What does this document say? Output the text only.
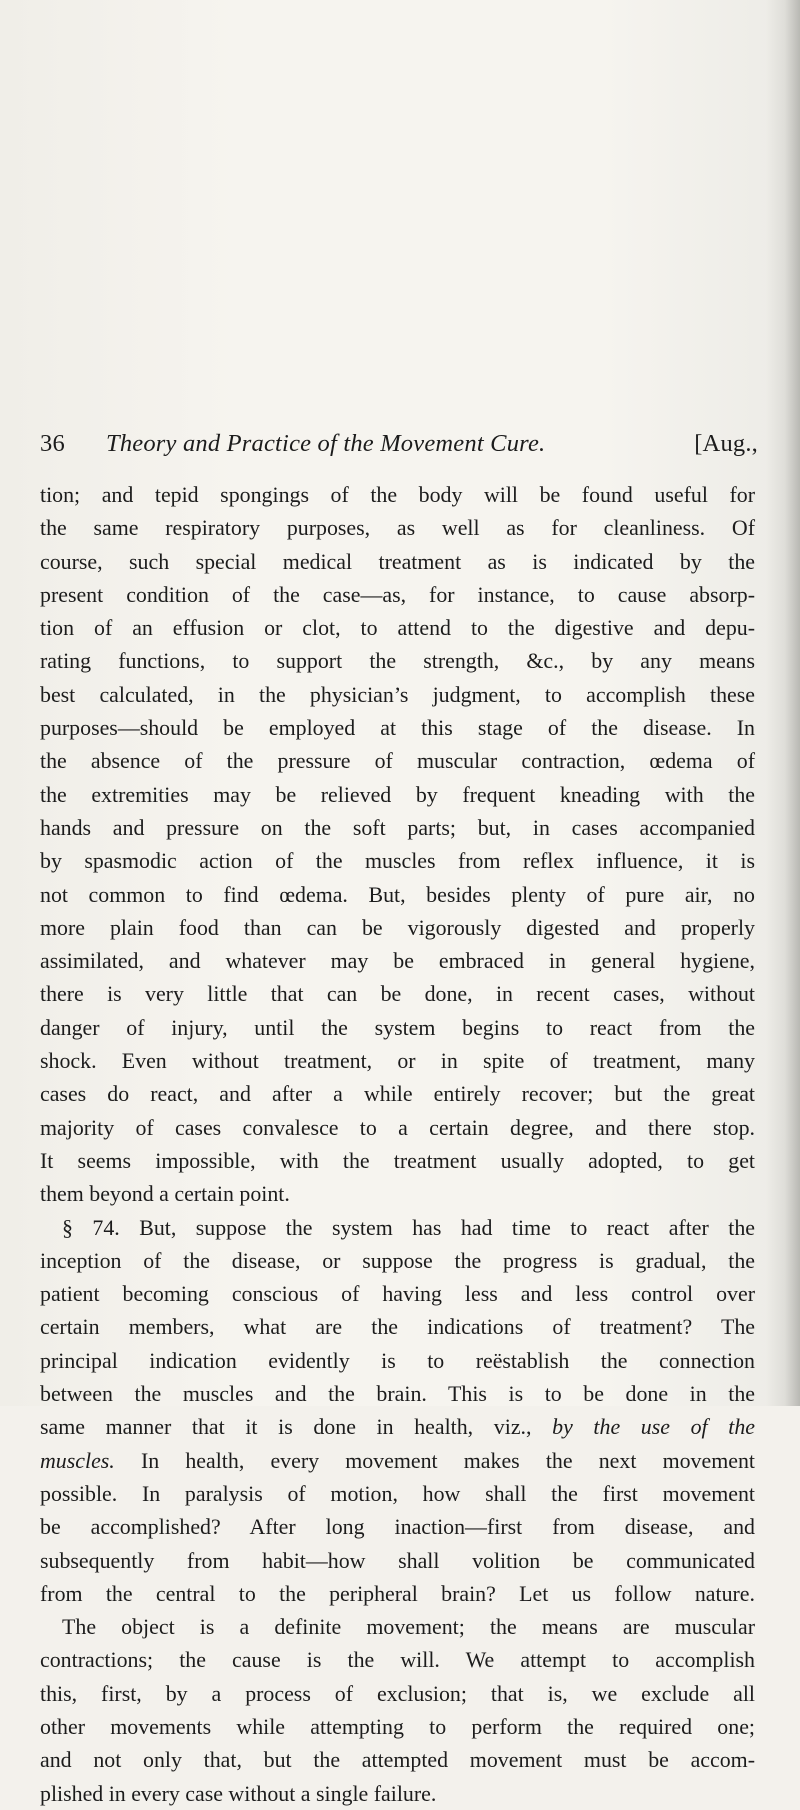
36 Theory and Practice of the Movement Cure.	[Aug.,
tion; and tepid spongings of the body will be found useful for
the same respiratory purposes, as well as for cleanliness. Of
course, such special medical treatment as is indicated by the
present condition of the case—as, for instance, to cause absorp-
tion of an effusion or clot, to attend to the digestive and depu-
rating functions, to support the strength, &c., by any means
best calculated, in the physician’s judgment, to accomplish these
purposes—should be employed at this stage of the disease. In
the absence of the pressure of muscular contraction, œdema of
the extremities may be relieved by frequent kneading with the
hands and pressure on the soft parts; but, in cases accompanied
by spasmodic action of the muscles from reflex influence, it is
not common to find œdema. But, besides plenty of pure air, no
more plain food than can be vigorously digested and properly
assimilated, and whatever may be embraced in general hygiene,
there is very little that can be done, in recent cases, without
danger of injury, until the system begins to react from the
shock. Even without treatment, or in spite of treatment, many
cases do react, and after a while entirely recover; but the great
majority of cases convalesce to a certain degree, and there stop.
It seems impossible, with the treatment usually adopted, to get
them beyond a certain point.
§ 74. But, suppose the system has had time to react after the
inception of the disease, or suppose the progress is gradual, the
patient becoming conscious of having less and less control over
certain members, what are the indications of treatment? The
principal indication evidently is to reëstablish the connection
between the muscles and the brain. This is to be done in the
same manner that it is done in health, viz., by the use of the
muscles. In health, every movement makes the next movement
possible. In paralysis of motion, how shall the first movement
be accomplished? After long inaction—first from disease, and
subsequently from habit—how shall volition be communicated
from the central to the peripheral brain? Let us follow nature.
The object is a definite movement; the means are muscular
contractions; the cause is the will. We attempt to accomplish
this, first, by a process of exclusion; that is, we exclude all
other movements while attempting to perform the required one;
and not only that, but the attempted movement must be accom-
plished in every case without a single failure.
